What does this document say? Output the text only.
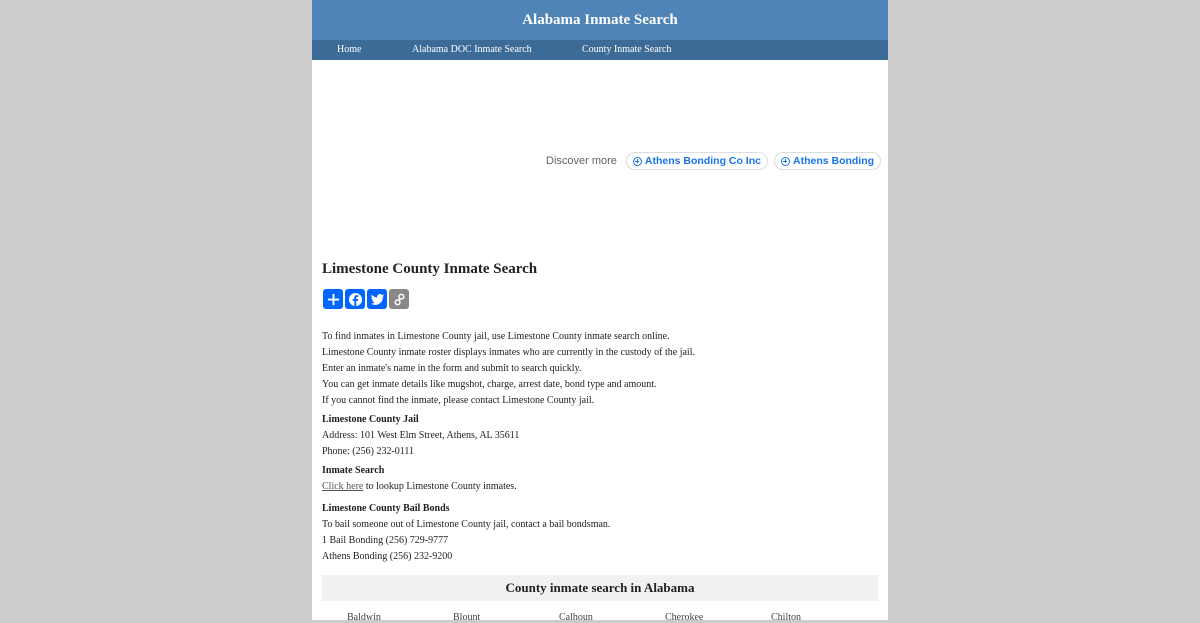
Alabama Inmate Search
Home	Alabama DOC Inmate Search	County Inmate Search
Discover more	Athens Bonding Co Inc	Athens Bonding
Limestone County Inmate Search

To find inmates in Limestone County jail, use Limestone County inmate search online.

Limestone County inmate roster displays inmates who are currently in the custody of the jail.

Enter an inmate's name in the form and submit to search quickly.

You can get inmate details like mugshot, charge, arrest date, bond type and amount.

If you cannot find the inmate, please contact Limestone County jail.

Limestone County Jail

Address: 101 West Elm Street, Athens, AL 35611

Phone: (256) 232-0111

Inmate Search

Click here to lookup Limestone County inmates.

Limestone County Bail Bonds

To bail someone out of Limestone County jail, contact a bail bondsman.

1 Bail Bonding (256) 729-9777

Athens Bonding (256) 232-9200

County inmate search in Alabama
Baldwin	Blount	Calhoun	Cherokee	Chilton
